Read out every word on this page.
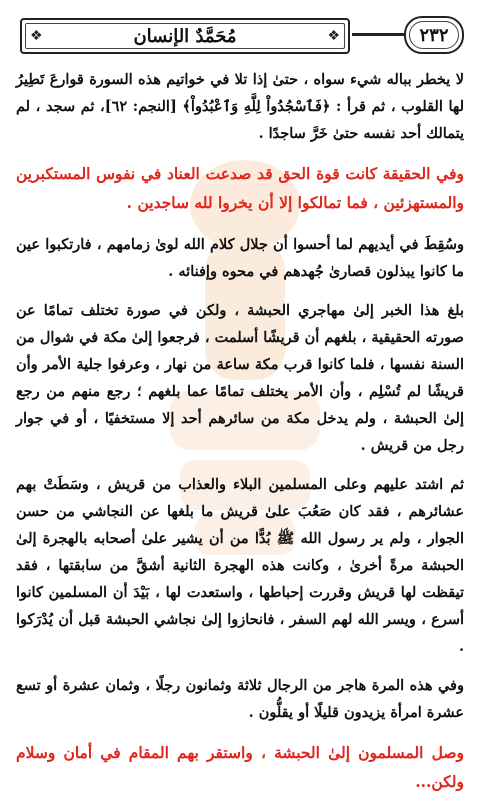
❖	مُحَمَّدٌ الإنسان	❖	٢٣٢

لا يخطر بباله شيء سواه ، حتىٰ إذا تلا في خواتيم هذه السورة قوارعَ تَطِيرُ لها القلوب ، ثم قرأ : ﴿فَٱسْجُدُواْ لِلَّهِ وَٱعْبُدُواْ﴾ [النجم: ٦٢]، ثم سجد ، لم يتمالك أحد نفسه حتىٰ خَرَّ ساجدًا .

وفي الحقيقة كانت قوة الحق قد صدعت العناد في نفوس المستكبرين والمستهزئين ، فما تمالكوا إلا أن يخروا لله ساجدين .

وسُقِطَ في أيديهم لما أحسوا أن جلال كلام الله لوىٰ زمامهم ، فارتكبوا عين ما كانوا يبذلون قصارىٰ جُهدهم في محوه وإفنائه .

بلغ هذا الخبر إلىٰ مهاجري الحبشة ، ولكن في صورة تختلف تمامًا عن صورته الحقيقية ، بلغهم أن قريشًا أسلمت ، فرجعوا إلىٰ مكة في شوال من السنة نفسها ، فلما كانوا قرب مكة ساعة من نهار ، وعرفوا جلية الأمر وأن قريشًا لم تُسْلِم ، وأن الأمر يختلف تمامًا عما بلغهم ؛ رجع منهم من رجع إلىٰ الحبشة ، ولم يدخل مكة من سائرهم أحد إلا مستخفيًا ، أو في جوار رجل من قريش .

ثم اشتد عليهم وعلى المسلمين البلاء والعذاب من قريش ، وسَطَتْ بهم عشائرهم ، فقد كان صَعُبَ علىٰ قريش ما بلغها عن النجاشي من حسن الجوار ، ولم ير رسول الله ﷺ بُدًّا من أن يشير علىٰ أصحابه بالهجرة إلىٰ الحبشة مرةً أخرىٰ ، وكانت هذه الهجرة الثانية أشقَّ من سابقتها ، فقد تيقظت لها قريش وقررت إحباطها ، واستعدت لها ، بَيْدَ أن المسلمين كانوا أسرع ، ويسر الله لهم السفر ، فانحازوا إلىٰ نجاشي الحبشة قبل أن يُدْرَكوا .

وفي هذه المرة هاجر من الرجال ثلاثة وثمانون رجلًا ، وثمان عشرة أو تسع عشرة امرأة يزيدون قليلًا أو يقلُّون .

وصل المسلمون إلىٰ الحبشة ، واستقر بهم المقام في أمان وسلام ولكن...
